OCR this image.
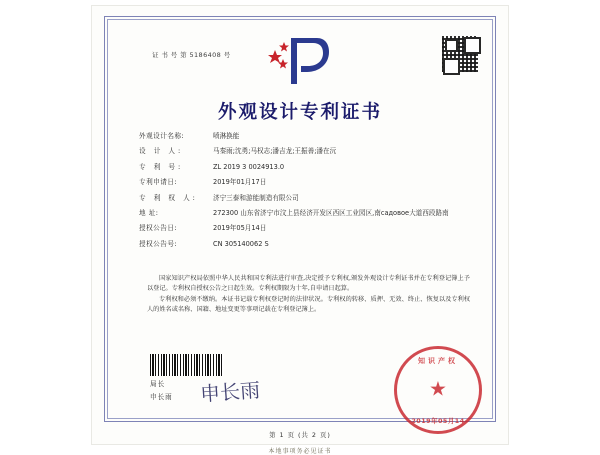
证 书 号 第 5186408 号
外观设计专利证书
外观设计名称:	喷淋换能
设 计 人:	马秦雨;沈勇;马权志;潘吉龙;王振善;潘在沅
专 利 号:	ZL 2019 3 0024913.0
专利申请日:	2019年01月17日
专 利 权 人:	济宁三泰和游能制造有限公司
地 址:	272300 山东省济宁市汶上县经济开发区西区工业园区,南садовое大道西段路南
授权公告日:	2019年05月14日
授权公告号:	CN 305140062 S

国家知识产权局依照中华人民共和国专利法进行审查,决定授予专利权,颁发外观设计专利证书并在专利登记簿上予以登记。专利权自授权公告之日起生效。专利权期限为十年,自申请日起算。

专利权和必须不缴纳。本证书记载专利权登记时的法律状况。专利权的转移、质押、无效、终止、恢复以及专利权人的姓名或名称、国籍、地址变更等事项记载在专利登记簿上。

局长
申长雨 申长雨
知识产权
★
2019年05月14
第 1 页 (共 2 页)
本地事项务必见证书
